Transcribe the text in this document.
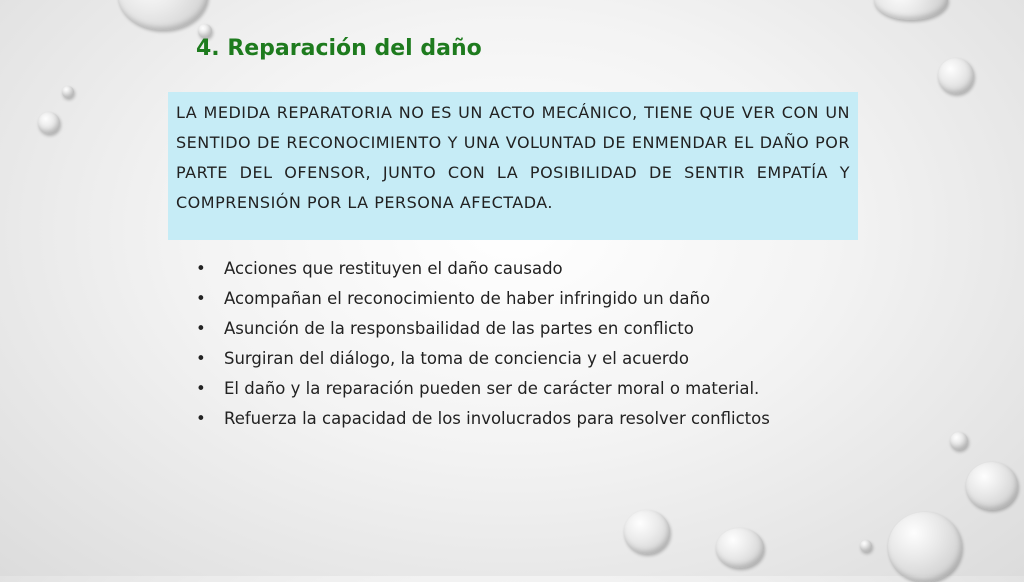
4. Reparación del daño

LA MEDIDA REPARATORIA NO ES UN ACTO MECÁNICO, TIENE QUE VER CON UN SENTIDO DE RECONOCIMIENTO Y UNA VOLUNTAD DE ENMENDAR EL DAÑO POR PARTE DEL OFENSOR, JUNTO CON LA POSIBILIDAD DE SENTIR EMPATÍA Y COMPRENSIÓN POR LA PERSONA AFECTADA.

• Acciones que restituyen el daño causado
• Acompañan el reconocimiento de haber infringido un daño
• Asunción de la responsbailidad de las partes en conflicto
• Surgiran del diálogo, la toma de conciencia y el acuerdo
• El daño y la reparación pueden ser de carácter moral o material.
• Refuerza la capacidad de los involucrados para resolver conflictos
